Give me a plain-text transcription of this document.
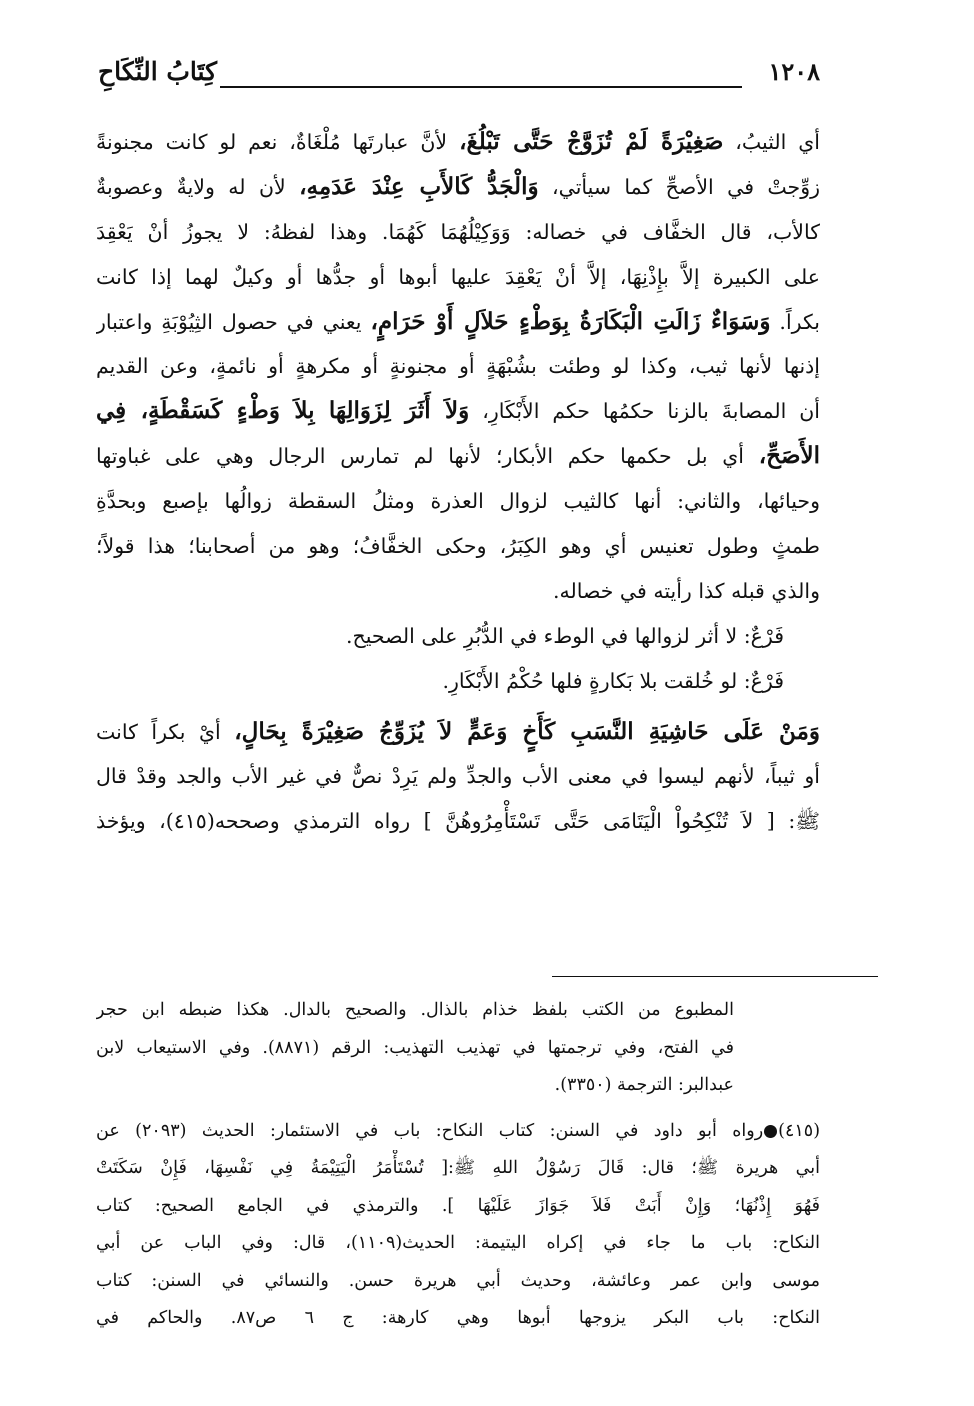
١٢٠٨
كِتَابُ النِّكَاحِ
أي الثيبُ، صَغِيْرَةً لَمْ تُزَوَّجْ حَتَّى تَبْلُغَ، لأنَّ عبارتَها مُلْغَاةٌ، نعم لو كانت مجنونةً
زوِّجتْ في الأصحِّ كما سيأتي، وَالْجَدُّ كَالأَبِ عِنْدَ عَدَمِهِ، لأن له ولايةٌ وعصوبةٌ
كالأب، قال الخفَّاف في خصاله: وَوَكِيْلُهُمَا كَهُمَا. وهذا لفظهُ: لا يجوزُ أنْ يَعْقِدَ
على الكبيرة إلاَّ بإِذْنِهَا، إلاَّ أنْ يَعْقِدَ عليها أبوها أو جدُّها أو وكيلٌ لهما إذا كانت
بكراً. وَسَوَاءٌ زَالَتِ الْبَكَارَةُ بِوَطْءٍ حَلاَلٍ أَوْ حَرَامٍ، يعني في حصول الثِيُوْبَةِ واعتبار
إذنها لأنها ثيب، وكذا لو وطئت بشُبْهَةٍ أو مجنونةٍ أو مكرهةٍ أو نائمةٍ، وعن القديم
أن المصابةَ بالزنا حكمُها حكم الأَبْكَارِ، وَلاَ أَثَرَ لِزَوَالِهَا بِلاَ وَطْءٍ كَسَقْطَةٍ، فِي
الأَصَحِّ، أي بل حكمها حكم الأبكار؛ لأنها لم تمارس الرجال وهي على غباوتها
وحيائها، والثاني: أنها كالثيب لزوال العذرة ومثلُ السقطة زوالُها بإصبع وبحدَّةِ
طمثٍ وطول تعنيس أي وهو الكِبَرُ، وحكى الخفَّافُ؛ وهو من أصحابنا؛ هذا قولاً؛
والذي قبله كذا رأيته في خصاله.
فَرْعٌ: لا أثر لزوالها في الوطء في الدُّبُرِ على الصحيح.
فَرْعٌ: لو خُلقت بلا بَكارةٍ فلها حُكْمُ الأَبْكَارِ.
وَمَنْ عَلَى حَاشِيَةِ النَّسَبِ كَأَخٍ وَعَمٍّ لاَ يُزَوِّجُ صَغِيْرَةً بِحَالٍ، أيْ بكراً كانت
أو ثيباً، لأنهم ليسوا في معنى الأب والجدِّ ولم يَرِدْ نصٌّ في غير الأب والجد وقدْ قال
ﷺ: [ لاَ تُنْكِحُواْ الْيَتَامَى حَتَّى تَسْتَأْمِرُوهُنَّ ] رواه الترمذي وصححه(٤١٥)، ويؤخذ
المطبوع من الكتب بلفظ خذام بالذال. والصحيح بالدال. هكذا ضبطه ابن حجر
في الفتح، وفي ترجمتها في تهذيب التهذيب: الرقم (٨٨٧١). وفي الاستيعاب لابن
عبدالبر: الترجمة (٣٣٥٠).
(٤١٥)رواه أبو داود في السنن: كتاب النكاح: باب في الاستئمار: الحديث (٢٠٩٣) عن
أبي هريرة ﷺ؛ قال: قَالَ رَسُوْلُ اللهِ ﷺ:[ تُسْتَأْمَرُ الْيَتِيْمَةُ فِي نَفْسِهَا، فَإِنْ سَكَتَتْ
فَهُوَ إِذْنُهَا؛ وَإِنْ أَبَتْ فَلاَ جَوَازَ عَلَيْهَا ]. والترمذي في الجامع الصحيح: كتاب
النكاح: باب ما جاء في إكراه اليتيمة: الحديث(١١٠٩)، قال: وفي الباب عن أبي
موسى وابن عمر وعائشة، وحديث أبي هريرة حسن. والنسائي في السنن: كتاب
النكاح: باب البكر يزوجها أبوها وهي كارهة: ج ٦ ص٨٧. والحاكم في
